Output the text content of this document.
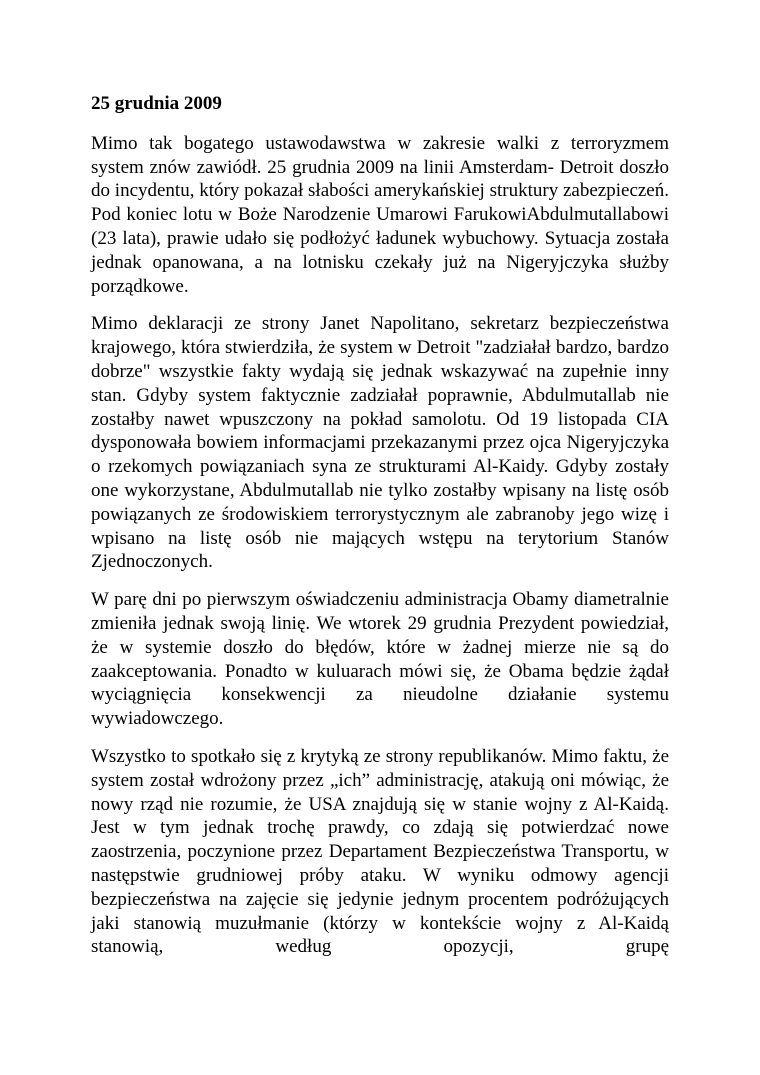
25 grudnia 2009

Mimo tak bogatego ustawodawstwa w zakresie walki z terroryzmem system znów zawiódł. 25 grudnia 2009 na linii Amsterdam- Detroit doszło do incydentu, który pokazał słabości amerykańskiej struktury zabezpieczeń. Pod koniec lotu w Boże Narodzenie Umarowi FarukowiAbdulmutallabowi (23 lata), prawie udało się podłożyć ładunek wybuchowy. Sytuacja została jednak opanowana, a na lotnisku czekały już na Nigeryjczyka służby porządkowe.

Mimo deklaracji ze strony Janet Napolitano, sekretarz bezpieczeństwa krajowego, która stwierdziła, że system w Detroit "zadziałał bardzo, bardzo dobrze" wszystkie fakty wydają się jednak wskazywać na zupełnie inny stan. Gdyby system faktycznie zadziałał poprawnie, Abdulmutallab nie zostałby nawet wpuszczony na pokład samolotu. Od 19 listopada CIA dysponowała bowiem informacjami przekazanymi przez ojca Nigeryjczyka o rzekomych powiązaniach syna ze strukturami Al-Kaidy. Gdyby zostały one wykorzystane, Abdulmutallab nie tylko zostałby wpisany na listę osób powiązanych ze środowiskiem terrorystycznym ale zabranoby jego wizę i wpisano na listę osób nie mających wstępu na terytorium Stanów Zjednoczonych.

W parę dni po pierwszym oświadczeniu administracja Obamy diametralnie zmieniła jednak swoją linię. We wtorek 29 grudnia Prezydent powiedział, że w systemie doszło do błędów, które w żadnej mierze nie są do zaakceptowania. Ponadto w kuluarach mówi się, że Obama będzie żądał wyciągnięcia konsekwencji za nieudolne działanie systemu wywiadowczego.

Wszystko to spotkało się z krytyką ze strony republikanów. Mimo faktu, że system został wdrożony przez „ich” administrację, atakują oni mówiąc, że nowy rząd nie rozumie, że USA znajdują się w stanie wojny z Al-Kaidą. Jest w tym jednak trochę prawdy, co zdają się potwierdzać nowe zaostrzenia, poczynione przez Departament Bezpieczeństwa Transportu, w następstwie grudniowej próby ataku. W wyniku odmowy agencji bezpieczeństwa na zajęcie się jedynie jednym procentem podróżujących jaki stanowią muzułmanie (którzy w kontekście wojny z Al-Kaidą stanowią, według opozycji, grupę
